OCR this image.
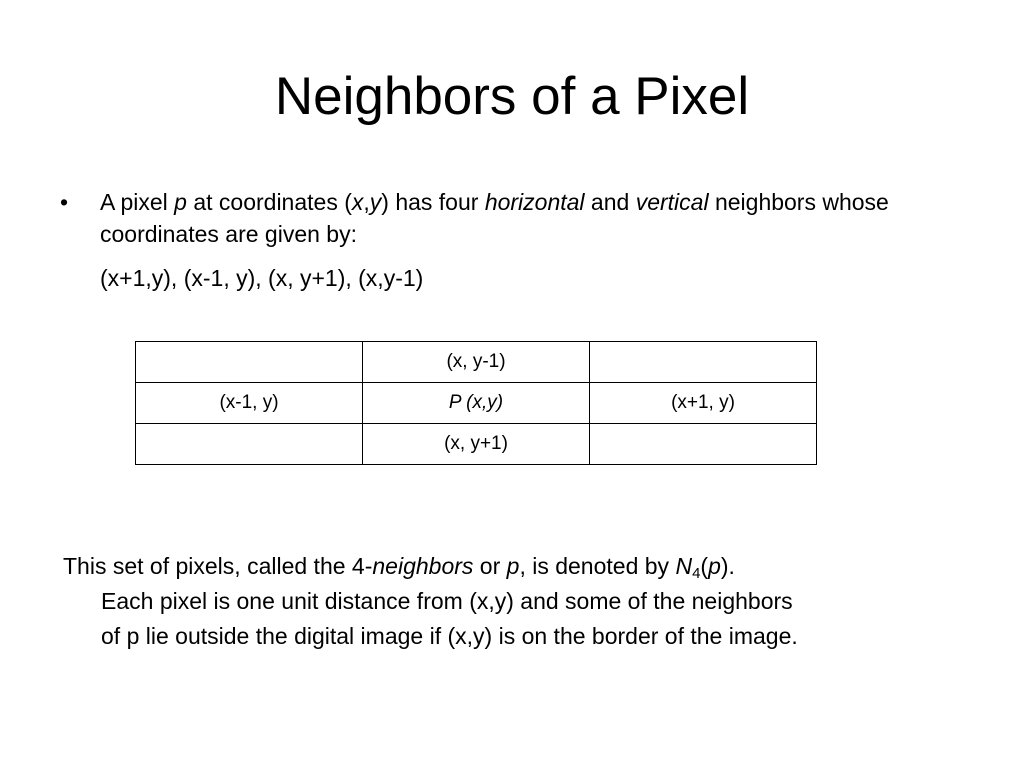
Neighbors of a Pixel
• A pixel p at coordinates (x,y) has four horizontal and vertical neighbors whose coordinates are given by:
(x+1,y), (x-1, y), (x, y+1), (x,y-1)
	(x, y-1)	
(x-1, y)	P (x,y)	(x+1, y)
	(x, y+1)	
This set of pixels, called the 4-neighbors or p, is denoted by $N_4(p)$.
Each pixel is one unit distance from (x,y) and some of the neighbors
of p lie outside the digital image if (x,y) is on the border of the image.
